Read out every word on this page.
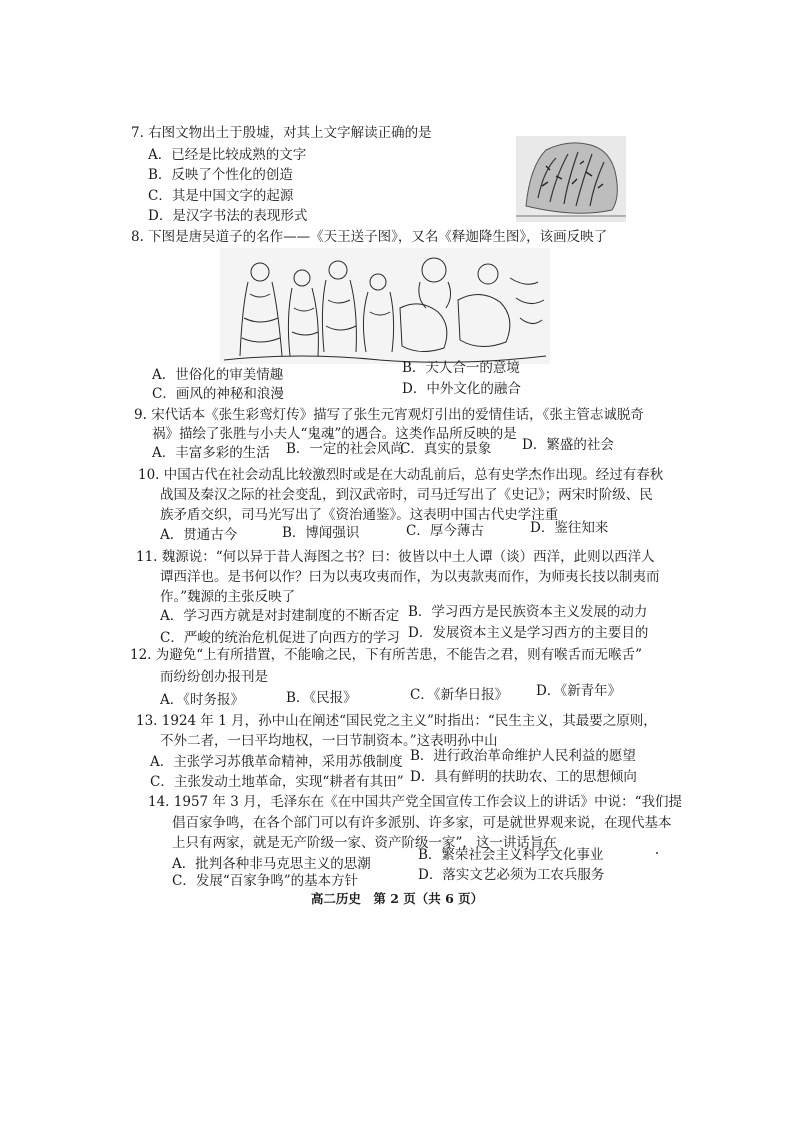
7. 右图文物出土于殷墟，对其上文字解读正确的是
A．已经是比较成熟的文字
B．反映了个性化的创造
C．其是中国文字的起源
D．是汉字书法的表现形式
8. 下图是唐吴道子的名作——《天王送子图》，又名《释迦降生图》，该画反映了
A．世俗化的审美情趣	B．天人合一的意境
C．画风的神秘和浪漫	D．中外文化的融合
9. 宋代话本《张生彩鸾灯传》描写了张生元宵观灯引出的爱情佳话，《张主管志诚脱奇
祸》描绘了张胜与小夫人“鬼魂”的遇合。这类作品所反映的是
A．丰富多彩的生活 B．一定的社会风尚
C．真实的景象 D．繁盛的社会
10. 中国古代在社会动乱比较激烈时或是在大动乱前后，总有史学杰作出现。经过有春秋
战国及秦汉之际的社会变乱，到汉武帝时，司马迁写出了《史记》；两宋时阶级、民
族矛盾交织，司马光写出了《资治通鉴》。这表明中国古代史学注重
A．贯通古今	B．博闻强识	C．厚今薄古	D．鉴往知来
11. 魏源说：“何以异于昔人海图之书？曰：彼皆以中土人谭（谈）西洋，此则以西洋人
谭西洋也。是书何以作？曰为以夷攻夷而作，为以夷款夷而作，为师夷长技以制夷而
作。”魏源的主张反映了
A．学习西方就是对封建制度的不断否定 B．学习西方是民族资本主义发展的动力
C．严峻的统治危机促进了向西方的学习 D．发展资本主义是学习西方的主要目的
12. 为避免“上有所措置，不能喻之民，下有所苦患，不能告之君，则有喉舌而无喉舌”
而纷纷创办报刊是
A．《时务报》	B．《民报》	C．《新华日报》 D．《新青年》
13. 1924 年 1 月，孙中山在阐述“国民党之主义”时指出：“民生主义，其最要之原则，
不外二者，一曰平均地权，一曰节制资本。”这表明孙中山
A．主张学习苏俄革命精神，采用苏俄制度 B．进行政治革命维护人民利益的愿望
C．主张发动土地革命，实现“耕者有其田” D．具有鲜明的扶助农、工的思想倾向
14. 1957 年 3 月，毛泽东在《在中国共产党全国宣传工作会议上的讲话》中说：“我们提
倡百家争鸣，在各个部门可以有许多派别、许多家，可是就世界观来说，在现代基本
上只有两家，就是无产阶级一家、资产阶级一家”，这一讲话旨在
A．批判各种非马克思主义的思潮
B．繁荣社会主义科学文化事业
C．发展“百家争鸣”的基本方针	D．落实文艺必须为工农兵服务
高二历史　第 2 页（共 6 页）
